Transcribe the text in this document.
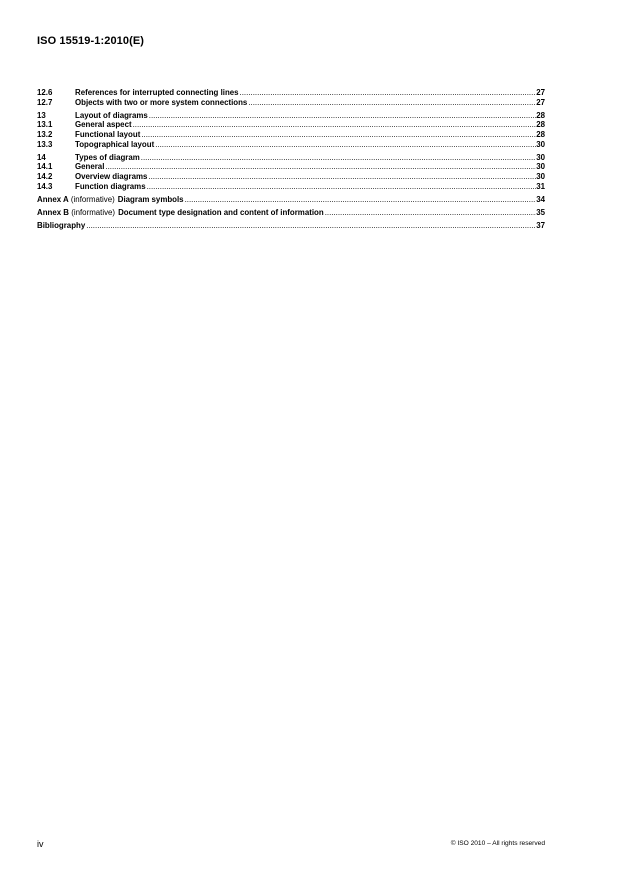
ISO 15519-1:2010(E)
12.6	References for interrupted connecting lines .....	27
12.7	Objects with two or more system connections .....	27
13	Layout of diagrams .....	28
13.1	General aspect .....	28
13.2	Functional layout .....	28
13.3	Topographical layout .....	30
14	Types of diagram .....	30
14.1	General .....	30
14.2	Overview diagrams .....	30
14.3	Function diagrams .....	31
Annex A (informative) Diagram symbols .....	34
Annex B (informative) Document type designation and content of information .....	35
Bibliography .....	37
iv	© ISO 2010 – All rights reserved
